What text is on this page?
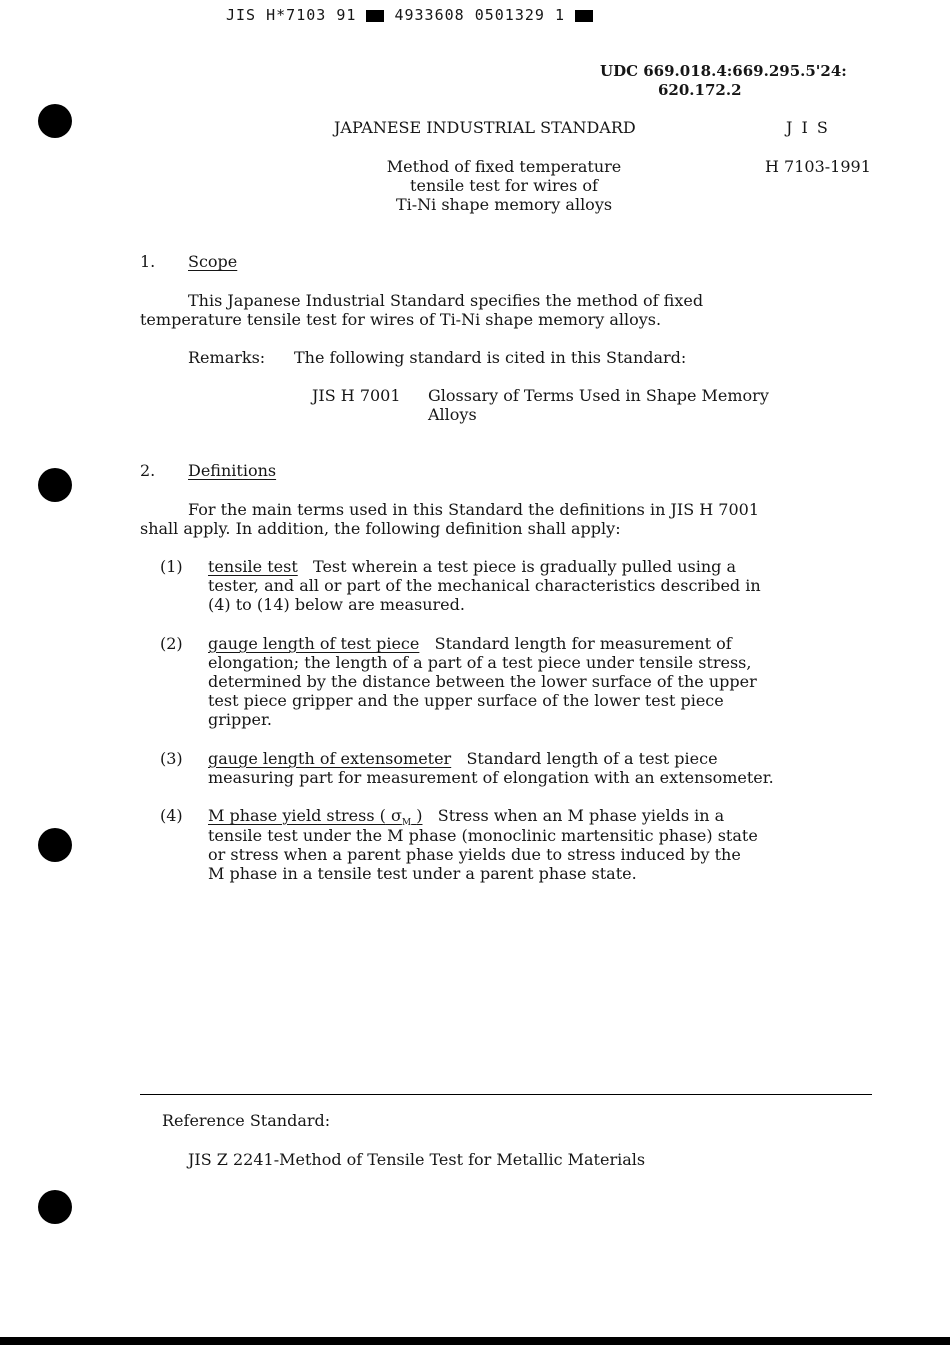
JIS H*7103 91	4933608 0501329 1
UDC 669.018.4:669.295.5'24:
620.172.2
JAPANESE INDUSTRIAL STANDARD	J I S
H 7103-1991
Method of fixed temperature
tensile test for wires of
Ti-Ni shape memory alloys
1. Scope
This Japanese Industrial Standard specifies the method of fixed
temperature tensile test for wires of Ti-Ni shape memory alloys.
Remarks: The following standard is cited in this Standard:
JIS H 7001 Glossary of Terms Used in Shape Memory
Alloys
2. Definitions
For the main terms used in this Standard the definitions in JIS H 7001
shall apply. In addition, the following definition shall apply:
(1) tensile test Test wherein a test piece is gradually pulled using a
tester, and all or part of the mechanical characteristics described in
(4) to (14) below are measured.
(2) gauge length of test piece Standard length for measurement of
elongation; the length of a part of a test piece under tensile stress,
determined by the distance between the lower surface of the upper
test piece gripper and the upper surface of the lower test piece
gripper.
(3) gauge length of extensometer Standard length of a test piece
measuring part for measurement of elongation with an extensometer.
(4) M phase yield stress ( $\sigma_M$ ) Stress when an M phase yields in a
tensile test under the M phase (monoclinic martensitic phase) state
or stress when a parent phase yields due to stress induced by the
M phase in a tensile test under a parent phase state.
Reference Standard:
JIS Z 2241-Method of Tensile Test for Metallic Materials
